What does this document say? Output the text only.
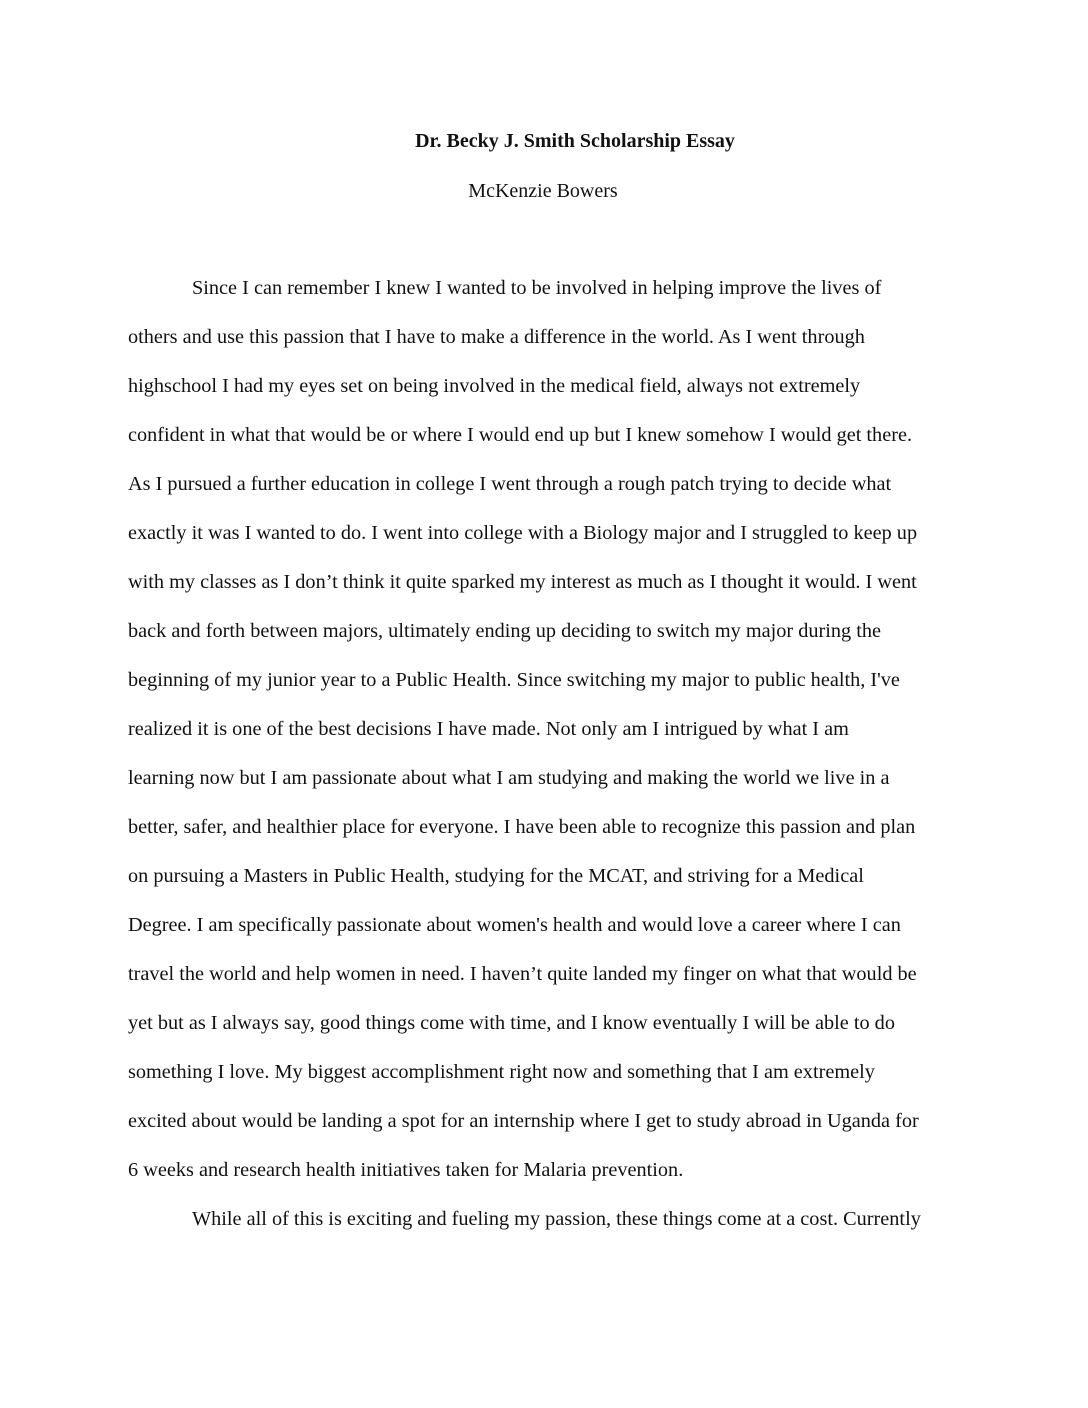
Dr. Becky J. Smith Scholarship Essay

McKenzie Bowers

Since I can remember I knew I wanted to be involved in helping improve the lives of
others and use this passion that I have to make a difference in the world. As I went through
highschool I had my eyes set on being involved in the medical field, always not extremely
confident in what that would be or where I would end up but I knew somehow I would get there.
As I pursued a further education in college I went through a rough patch trying to decide what
exactly it was I wanted to do. I went into college with a Biology major and I struggled to keep up
with my classes as I don’t think it quite sparked my interest as much as I thought it would. I went
back and forth between majors, ultimately ending up deciding to switch my major during the
beginning of my junior year to a Public Health. Since switching my major to public health, I've
realized it is one of the best decisions I have made. Not only am I intrigued by what I am
learning now but I am passionate about what I am studying and making the world we live in a
better, safer, and healthier place for everyone. I have been able to recognize this passion and plan
on pursuing a Masters in Public Health, studying for the MCAT, and striving for a Medical
Degree. I am specifically passionate about women's health and would love a career where I can
travel the world and help women in need. I haven’t quite landed my finger on what that would be
yet but as I always say, good things come with time, and I know eventually I will be able to do
something I love. My biggest accomplishment right now and something that I am extremely
excited about would be landing a spot for an internship where I get to study abroad in Uganda for
6 weeks and research health initiatives taken for Malaria prevention.
While all of this is exciting and fueling my passion, these things come at a cost. Currently
